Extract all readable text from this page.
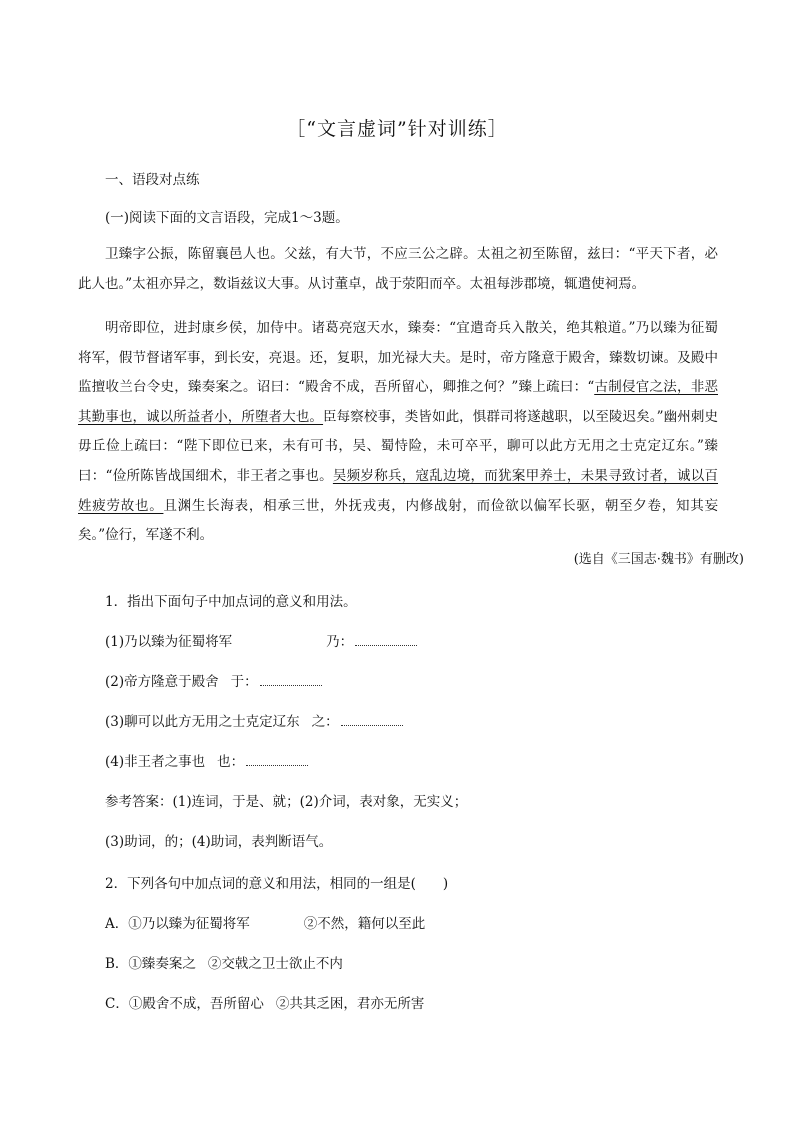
［“文言虚词”针对训练］
一、语段对点练
(一)阅读下面的文言语段，完成1～3题。
卫臻字公振，陈留襄邑人也。父兹，有大节，不应三公之辟。太祖之初至陈留，兹曰：“平天下者，必此人也。”太祖亦异之，数诣兹议大事。从讨董卓，战于荥阳而卒。太祖每涉郡境，辄遣使祠焉。
明帝即位，进封康乡侯，加侍中。诸葛亮寇天水，臻奏：“宜遣奇兵入散关，绝其粮道。”乃以臻为征蜀将军，假节督诸军事，到长安，亮退。还，复职，加光禄大夫。是时，帝方隆意于殿舍，臻数切谏。及殿中监擅收兰台令史，臻奏案之。诏曰：“殿舍不成，吾所留心，卿推之何？”臻上疏曰：“古制侵官之法，非恶其勤事也，诚以所益者小，所堕者大也。臣每察校事，类皆如此，惧群司将遂越职，以至陵迟矣。”幽州刺史毋丘俭上疏曰：“陛下即位已来，未有可书，吴、蜀恃险，未可卒平，聊可以此方无用之士克定辽东。”臻曰：“俭所陈皆战国细术，非王者之事也。吴频岁称兵，寇乱边境，而犹案甲养士，未果寻致讨者，诚以百姓疲劳故也。且渊生长海表，相承三世，外抚戎夷，内修战射，而俭欲以偏军长驱，朝至夕卷，知其妄矣。”俭行，军遂不利。
(选自《三国志·魏书》有删改)
1．指出下面句子中加点词的意义和用法。
(1)乃以臻为征蜀将军	乃：
(2)帝方隆意于殿舍 于：
(3)聊可以此方无用之士克定辽东 之：
(4)非王者之事也 也：
参考答案：(1)连词，于是、就；(2)介词，表对象，无实义；
(3)助词，的；(4)助词，表判断语气。
2．下列各句中加点词的意义和用法，相同的一组是(　　)
A．①乃以臻为征蜀将军	②不然，籍何以至此
B．①臻奏案之 ②交戟之卫士欲止不内
C．①殿舍不成，吾所留心 ②共其乏困，君亦无所害
